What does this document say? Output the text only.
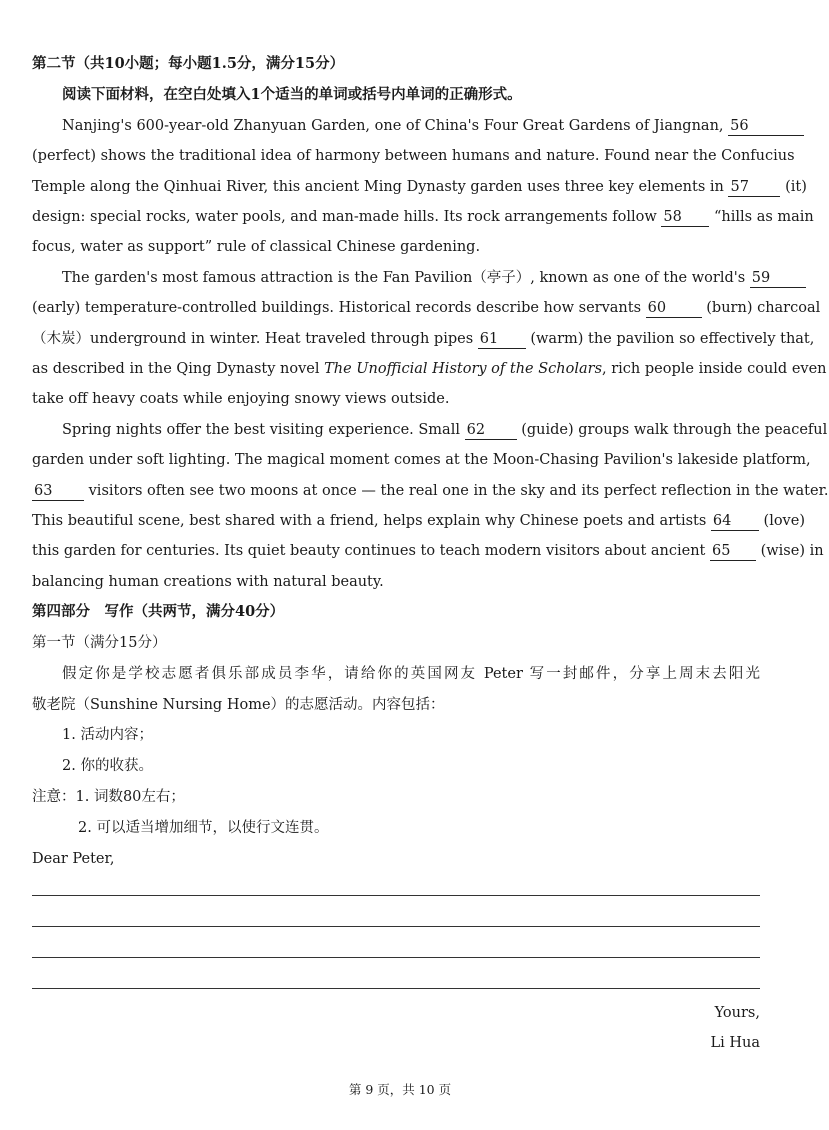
第二节（共10小题；每小题1.5分，满分15分）
阅读下面材料，在空白处填入1个适当的单词或括号内单词的正确形式。
Nanjing's 600-year-old Zhanyuan Garden, one of China's Four Great Gardens of Jiangnan, 56
(perfect) shows the traditional idea of harmony between humans and nature. Found near the Confucius
Temple along the Qinhuai River, this ancient Ming Dynasty garden uses three key elements in 57 (it)
design: special rocks, water pools, and man-made hills. Its rock arrangements follow 58 “hills as main
focus, water as support” rule of classical Chinese gardening.
The garden's most famous attraction is the Fan Pavilion（亭子）, known as one of the world's 59
(early) temperature-controlled buildings. Historical records describe how servants 60	(burn) charcoal
（木炭）underground in winter. Heat traveled through pipes 61 (warm) the pavilion so effectively that,
as described in the Qing Dynasty novel The Unofficial History of the Scholars, rich people inside could even
take off heavy coats while enjoying snowy views outside.
Spring nights offer the best visiting experience. Small 62 (guide) groups walk through the peaceful
garden under soft lighting. The magical moment comes at the Moon-Chasing Pavilion's lakeside platform,
63 visitors often see two moons at once — the real one in the sky and its perfect reflection in the water.
This beautiful scene, best shared with a friend, helps explain why Chinese poets and artists 64 (love)
this garden for centuries. Its quiet beauty continues to teach modern visitors about ancient 65 (wise) in
balancing human creations with natural beauty.
第四部分　写作（共两节，满分40分）
第一节（满分15分）
假定你是学校志愿者俱乐部成员李华，请给你的英国网友 Peter 写一封邮件，分享上周末去阳光
敬老院（Sunshine Nursing Home）的志愿活动。内容包括：
1. 活动内容；
2. 你的收获。
注意：1. 词数80左右；
2. 可以适当增加细节，以使行文连贯。
Dear Peter,
Yours,
Li Hua
第 9 页，共 10 页
